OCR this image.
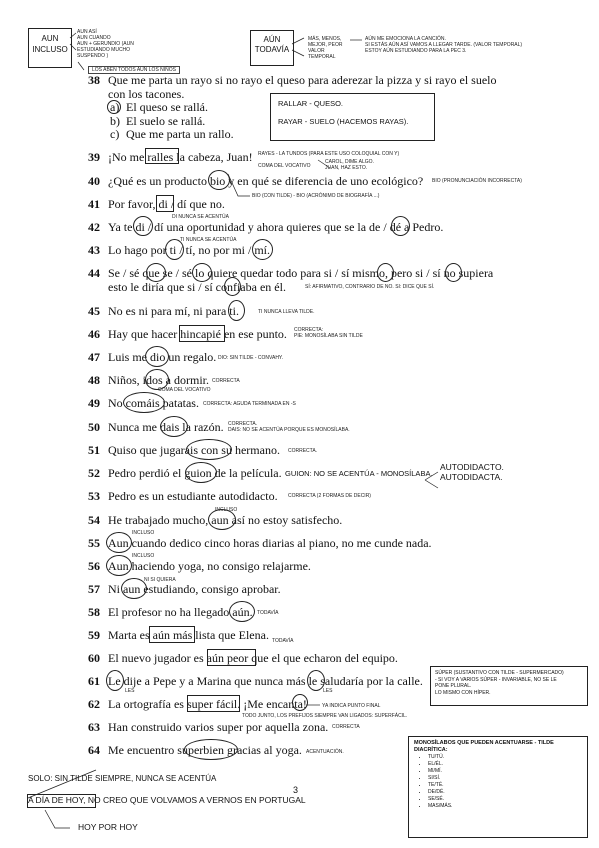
AUN INCLUSO
AUN ASÍ
AUN CUANDO
AUN + GERUNDIO (AUN
ESTUDIANDO MUCHO
SUSPENDO )
LOS ABEN TODOS AUN LOS NIÑOS
AÚN TODAVÍA
MÁS, MENOS,
MEJOR, PEOR
VALOR
TEMPORAL
AÚN ME EMOCIONA LA CANCIÓN.
SI ESTÁS AÚN ASÍ VAMOS A LLEGAR TARDE. (VALOR TEMPORAL)
ESTOY AÚN ESTUDIANDO PARA LA PEC 3.
38 Que me parta un rayo si no rayo el queso para aderezar la pizza y si rayo el suelo
con los tacones.
a) El queso se rallá.
b) El suelo se rallá.
c) Que me parta un rallo.
RALLAR - QUESO.
RAYAR - SUELO (HACEMOS RAYAS).
39 ¡No me ralles la cabeza, Juan! RAYES - LA TUNDOS (PARA ESTE USO COLOQUIAL CON Y)
COMA DEL VOCATIVO
CAROL, DIME ALGO.
JUAN, HAZ ESTO.
40 ¿Qué es un producto bio y en qué se diferencia de uno ecológico? BIO (PRONUNCIACIÓN INCORRECTA)
BIO (CON TILDE) - BIO (ACRÓNIMO DE BIOGRAFÍA ...)
41 Por favor, di / dí que no.
42 Ya te di / dí una oportunidad y ahora quieres que se la de / dé a Pedro.
DI NUNCA SE ACENTÚA
43 Lo hago por ti / tí, no por mi / mí.
TI NUNCA SE ACENTÚA
44 Se / sé que se / sé lo quiere quedar todo para si / sí mismo, pero si / sí no supiera
esto le diría que si / sí confiaba en él.	SÍ: AFIRMATIVO, CONTRARIO DE NO. SI: DICE QUE SÍ.
45 No es ni para mí, ni para ti.	TI NUNCA LLEVA TILDE.
46 Hay que hacer hincapié en ese punto. CORRECTA:
PIE: MONOSÍLABA SIN TILDE
47 Luis me dio un regalo. DIO: SIN TILDE - CONVAHY.
48 Niños, idos a dormir. CORRECTA
COMA DEL VOCATIVO
49 No comáis patatas. CORRECTA: AGUDA TERMINADA EN -S
50 Nunca me dais la razón. CORRECTA.
DAIS: NO SE ACENTÚA PORQUE ES MONOSÍLABA.
51 Quiso que jugarais con su hermano. CORRECTA.
52 Pedro perdió el guion de la película. GUION: NO SE ACENTÚA - MONOSÍLABA.
AUTODIDACTO.
AUTODIDACTA.
53 Pedro es un estudiante autodidacto. CORRECTA (2 FORMAS DE DECIR)
54 He trabajado mucho, aun así no estoy satisfecho.
INCLUSO
55 Aun cuando dedico cinco horas diarias al piano, no me cunde nada.
INCLUSO
56 Aun haciendo yoga, no consigo relajarme.
INCLUSO
57 Ni aun estudiando, consigo aprobar.
NI SI QUIERA
58 El profesor no ha llegado aún. TODAVÍA
59 Marta es aún más lista que Elena. TODAVÍA
60 El nuevo jugador es aún peor que el que echaron del equipo.
61 Le dije a Pepe y a Marina que nunca más le saludaría por la calle.
LES	LES
SÚPER (SUSTANTIVO CON TILDE - SUPERMERCADO)
- SI VOY A VARIOS SÚPER - INVARIABLE, NO SE LE
PONE PLURAL.
LO MISMO CON HÍPER.
62 La ortografía es super fácil. ¡Me encanta!	YA INDICA PUNTO FINAL
TODO JUNTO, LOS PREFIJOS SIEMPRE VAN LIGADOS: SUPERFÁCIL.
63 Han construido varios super por aquella zona. CORRECTA
64 Me encuentro superbien gracias al yoga. ACENTUACIÓN.
MONOSÍLABOS QUE PUEDEN ACENTUARSE - TILDE DIACRÍTICA:
• TU/TÚ.
• EL/ÉL.
• MI/MÍ.
• SI/SÍ.
• TE/TÉ.
• DE/DÉ.
• SE/SÉ.
• MAS/MÁS.
SOLO: SIN TILDE SIEMPRE, NUNCA SE ACENTÚA
3
A DÍA DE HOY, NO CREO QUE VOLVAMOS A VERNOS EN PORTUGAL
HOY POR HOY
